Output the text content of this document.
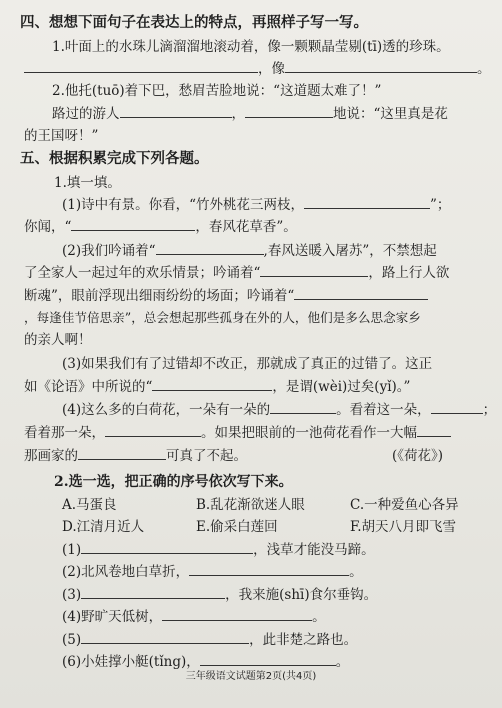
四、想想下面句子在表达上的特点，再照样子写一写。
1.叶面上的水珠儿滴溜溜地滚动着，像一颗颗晶莹剔(tī)透的珍珠。
，像	。
2.他托(tuō)着下巴，愁眉苦脸地说：“这道题太难了！”
路过的游人	，	地说：“这里真是花
的王国呀！”
五、根据积累完成下列各题。
1.填一填。
(1)诗中有景。你看，“竹外桃花三两枝，	”；
你闻，“	，春风花草香”。
(2)我们吟诵着“	,春风送暖入屠苏”，不禁想起
了全家人一起过年的欢乐情景；吟诵着“	，路上行人欲
断魂”，眼前浮现出细雨纷纷的场面；吟诵着“
，每逢佳节倍思亲”，总会想起那些孤身在外的人，他们是多么思念家乡
的亲人啊！
(3)如果我们有了过错却不改正，那就成了真正的过错了。这正
如《论语》中所说的“	，是谓(wèi)过矣(yǐ)。”
(4)这么多的白荷花，一朵有一朵的	。看着这一朵，	；
看着那一朵，	。如果把眼前的一池荷花看作一大幅
那画家的	可真了不起。	(《荷花》)
2.选一选，把正确的序号依次写下来。
A.马蛋良	B.乱花渐欲迷人眼	C.一种爱鱼心各异
D.江清月近人	E.偷采白莲回	F.胡天八月即飞雪
(1)	，浅草才能没马蹄。
(2)北风卷地白草折，	。
(3)	，我来施(shī)食尔垂钩。
(4)野旷天低树，	。
(5)	，此非楚之路也。
(6)小娃撑小艇(tǐng)，	。
三年级语文试题第2页(共4页)
